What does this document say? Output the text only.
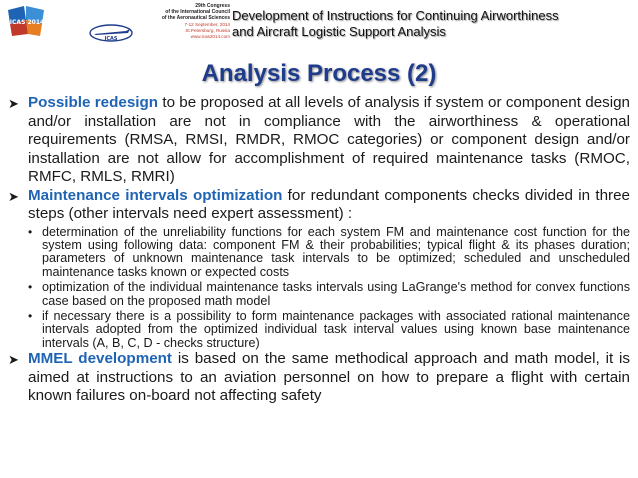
ICAS 2014
29th Congress
of the International Council
of the Aeronautical Sciences
7-12 September, 2014
St.Petersburg, Russia
www.icas2014.com
ICAS
Development of Instructions for Continuing Airworthiness
and Aircraft Logistic Support Analysis
Analysis Process (2)
➤ Possible redesign to be proposed at all levels of analysis if system or component design and/or installation are not in compliance with the airworthiness & operational requirements (RMSA, RMSI, RMDR, RMOC categories) or component design and/or installation are not allow for accomplishment of required maintenance tasks (RMOC, RMFC, RMLS, RMRI)
➤ Maintenance intervals optimization for redundant components checks divided in three steps (other intervals need expert assessment) :
• determination of the unreliability functions for each system FM and maintenance cost function for the system using following data: component FM & their probabilities; typical flight & its phases duration; parameters of unknown maintenance task intervals to be optimized; scheduled and unscheduled maintenance tasks known or expected costs
• optimization of the individual maintenance tasks intervals using LaGrange's method for convex functions case based on the proposed math model
• if necessary there is a possibility to form maintenance packages with associated rational maintenance intervals adopted from the optimized individual task interval values using known base maintenance intervals (A, B, C, D - checks structure)
➤ MMEL development is based on the same methodical approach and math model, it is aimed at instructions to an aviation personnel on how to prepare a flight with certain known failures on-board not affecting safety
